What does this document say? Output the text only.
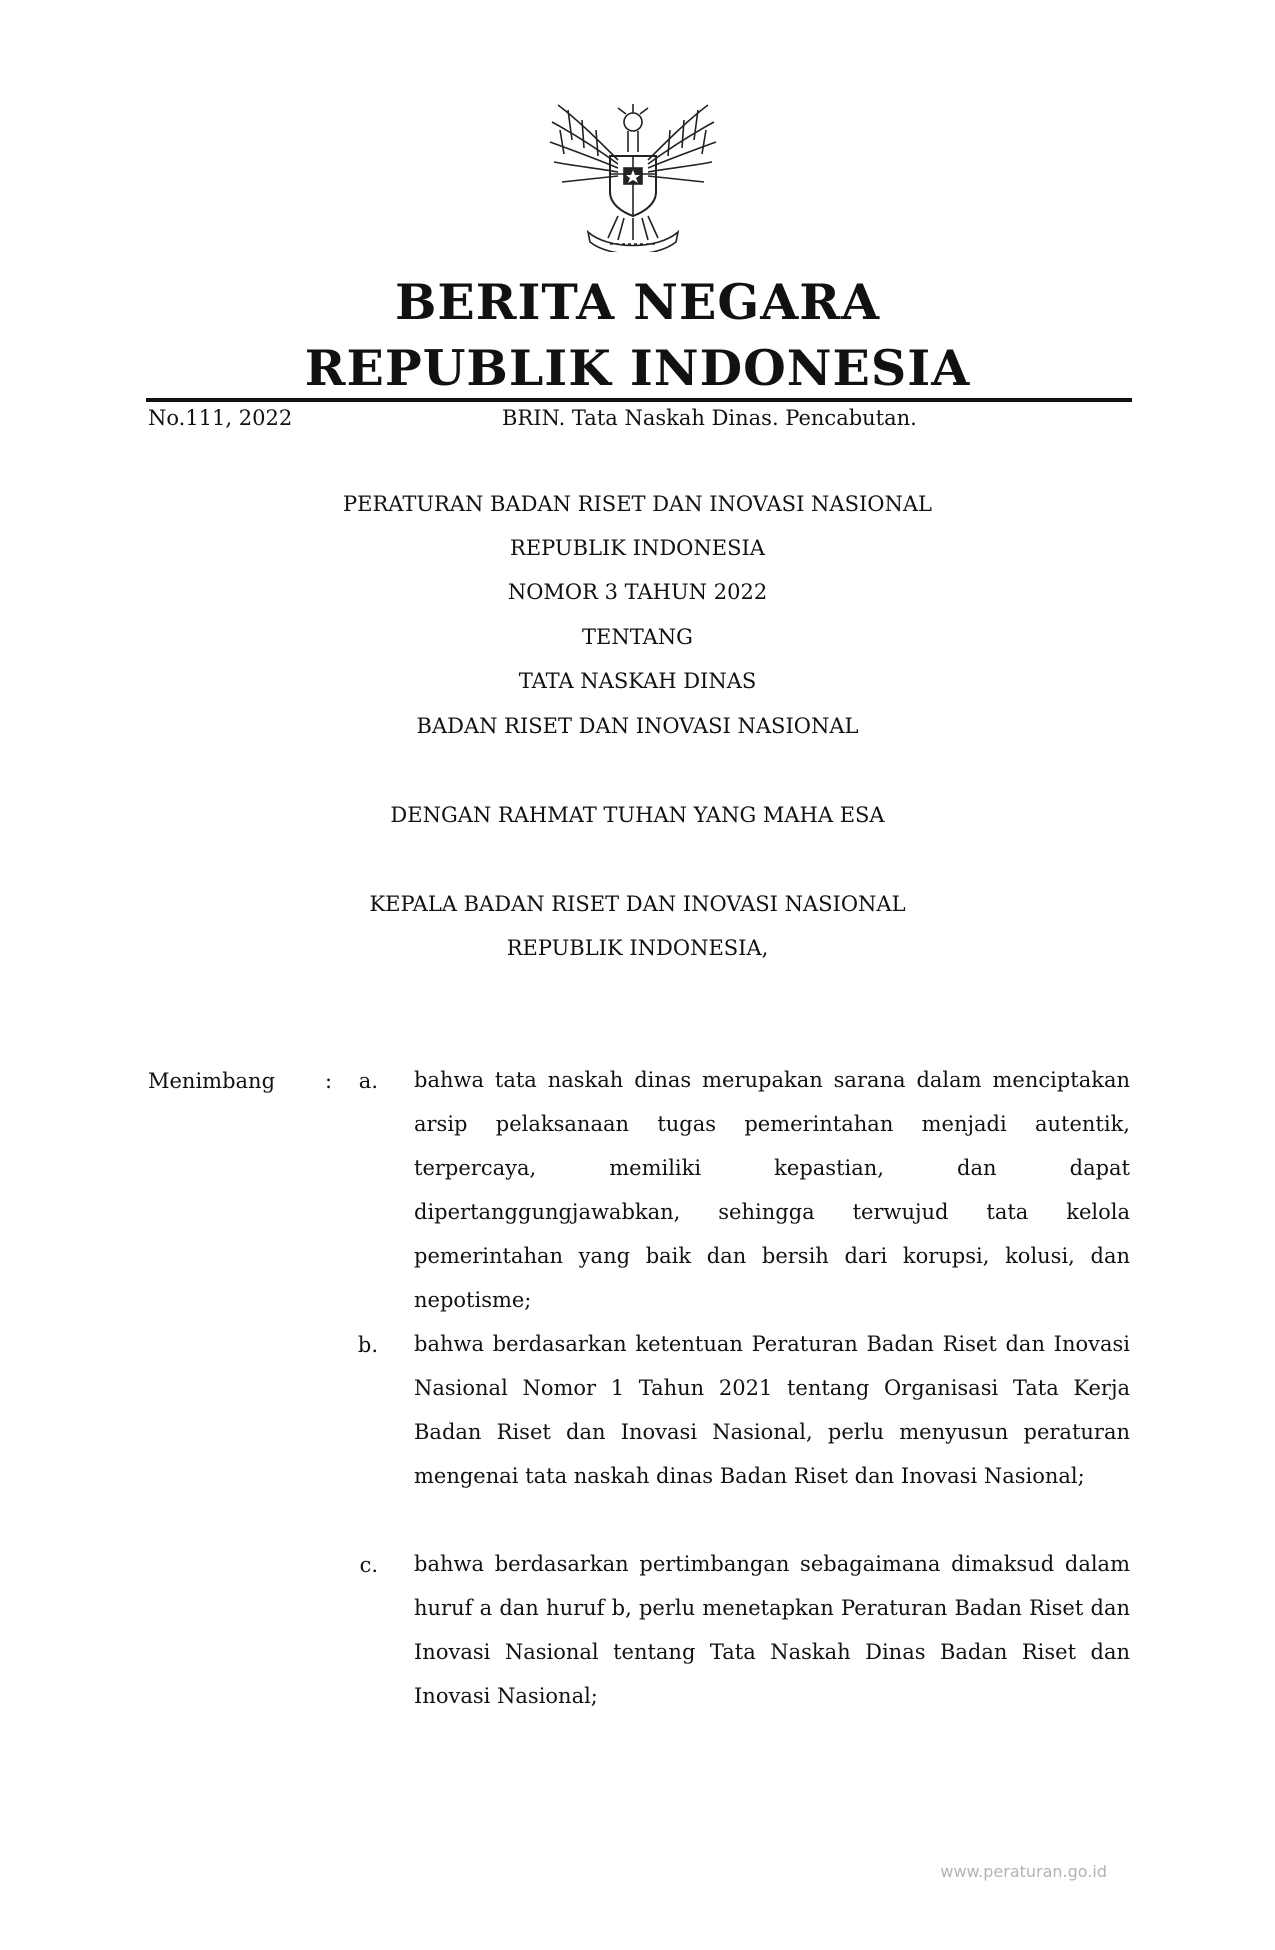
BERITA NEGARA
REPUBLIK INDONESIA
No.111, 2022	BRIN. Tata Naskah Dinas. Pencabutan.
PERATURAN BADAN RISET DAN INOVASI NASIONAL
REPUBLIK INDONESIA
NOMOR 3 TAHUN 2022
TENTANG
TATA NASKAH DINAS
BADAN RISET DAN INOVASI NASIONAL
DENGAN RAHMAT TUHAN YANG MAHA ESA
KEPALA BADAN RISET DAN INOVASI NASIONAL
REPUBLIK INDONESIA,
Menimbang :	a. bahwa tata naskah dinas merupakan sarana dalam menciptakan arsip pelaksanaan tugas pemerintahan menjadi autentik, terpercaya, memiliki kepastian, dan dapat dipertanggungjawabkan, sehingga terwujud tata kelola pemerintahan yang baik dan bersih dari korupsi, kolusi, dan nepotisme;
b. bahwa berdasarkan ketentuan Peraturan Badan Riset dan Inovasi Nasional Nomor 1 Tahun 2021 tentang Organisasi Tata Kerja Badan Riset dan Inovasi Nasional, perlu menyusun peraturan mengenai tata naskah dinas Badan Riset dan Inovasi Nasional;
c. bahwa berdasarkan pertimbangan sebagaimana dimaksud dalam huruf a dan huruf b, perlu menetapkan Peraturan Badan Riset dan Inovasi Nasional tentang Tata Naskah Dinas Badan Riset dan Inovasi Nasional;
www.peraturan.go.id
